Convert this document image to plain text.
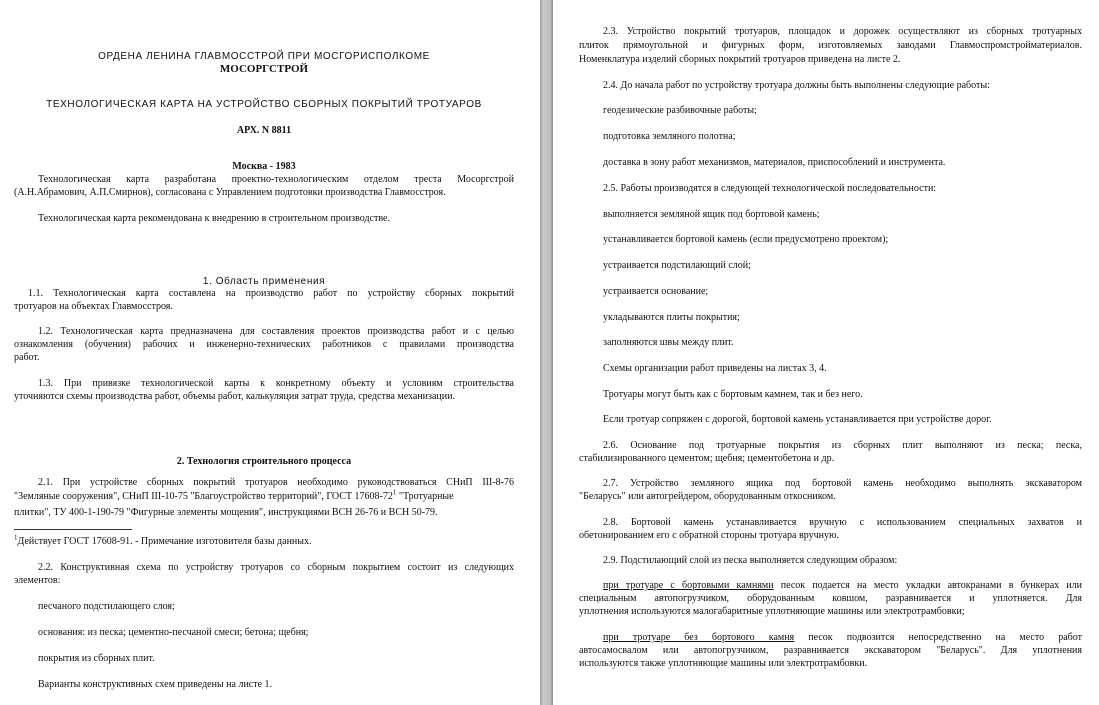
ОРДЕНА ЛЕНИНА ГЛАВМОССТРОЙ ПРИ МОСГОРИСПОЛКОМЕ
МОСОРГСТРОЙ
ТЕХНОЛОГИЧЕСКАЯ КАРТА НА УСТРОЙСТВО СБОРНЫХ ПОКРЫТИЙ ТРОТУАРОВ
АРХ. N 8811
Москва - 1983
Технологическая карта разработана проектно-технологическим отделом треста Мосоргстрой
(А.Н.Абрамович, А.П.Смирнов), согласована с Управлением подготовки производства Главмосстроя.
Технологическая карта рекомендована к внедрению в строительном производстве.
1. Область применения
1.1. Технологическая карта составлена на производство работ по устройству сборных покрытий
тротуаров на объектах Главмосстроя.
1.2. Технологическая карта предназначена для составления проектов производства работ и с целью
ознакомления (обучения) рабочих и инженерно-технических работников с правилами производства
работ.
1.3. При привязке технологической карты к конкретному объекту и условиям строительства
уточняются схемы производства работ, объемы работ, калькуляция затрат труда, средства механизации.
2. Технология строительного процесса
2.1. При устройстве сборных покрытий тротуаров необходимо руководствоваться СНиП III-8-76
"Земляные сооружения", СНиП III-10-75 "Благоустройство территорий", ГОСТ $17608-72^1$ "Тротуарные
плитки", ТУ 400-1-190-79 "Фигурные элементы мощения", инструкциями ВСН 26-76 и ВСН 50-79.
$^1$Действует ГОСТ 17608-91. - Примечание изготовителя базы данных.
2.2. Конструктивная схема по устройству тротуаров со сборным покрытием состоит из следующих
элементов:
песчаного подстилающего слоя;
основания: из песка; цементно-песчаной смеси; бетона; щебня;
покрытия из сборных плит.
Варианты конструктивных схем приведены на листе 1.
2.3. Устройство покрытий тротуаров, площадок и дорожек осуществляют из сборных тротуарных
плиток прямоугольной и фигурных форм, изготовляемых заводами Главмоспромстройматериалов.
Номенклатура изделий сборных покрытий тротуаров приведена на листе 2.
2.4. До начала работ по устройству тротуара должны быть выполнены следующие работы:
геодезические разбивочные работы;
подготовка земляного полотна;
доставка в зону работ механизмов, материалов, приспособлений и инструмента.
2.5. Работы производятся в следующей технологической последовательности:
выполняется земляной ящик под бортовой камень;
устанавливается бортовой камень (если предусмотрено проектом);
устраивается подстилающий слой;
устраивается основание;
укладываются плиты покрытия;
заполняются швы между плит.
Схемы организации работ приведены на листах 3, 4.
Тротуары могут быть как с бортовым камнем, так и без него.
Если тротуар сопряжен с дорогой, бортовой камень устанавливается при устройстве дорог.
2.6. Основание под тротуарные покрытия из сборных плит выполняют из песка; песка,
стабилизированного цементом; щебня; цементобетона и др.
2.7. Устройство земляного ящика под бортовой камень необходимо выполнять экскаватором
"Беларусь" или автогрейдером, оборудованным откосником.
2.8. Бортовой камень устанавливается вручную с использованием специальных захватов и
обетонированием его с обратной стороны тротуара вручную.
2.9. Подстилающий слой из песка выполняется следующим образом:
при тротуаре с бортовыми камнями песок подается на место укладки автокранами в бункерах или
специальным автопогрузчиком, оборудованным ковшом, разравнивается и уплотняется. Для
уплотнения используются малогабаритные уплотняющие машины или электротрамбовки;
при тротуаре без бортового камня песок подвозится непосредственно на место работ
автосамосвалом или автопогрузчиком, разравнивается экскаватором "Беларусь". Для уплотнения
используются также уплотняющие машины или электротрамбовки.
